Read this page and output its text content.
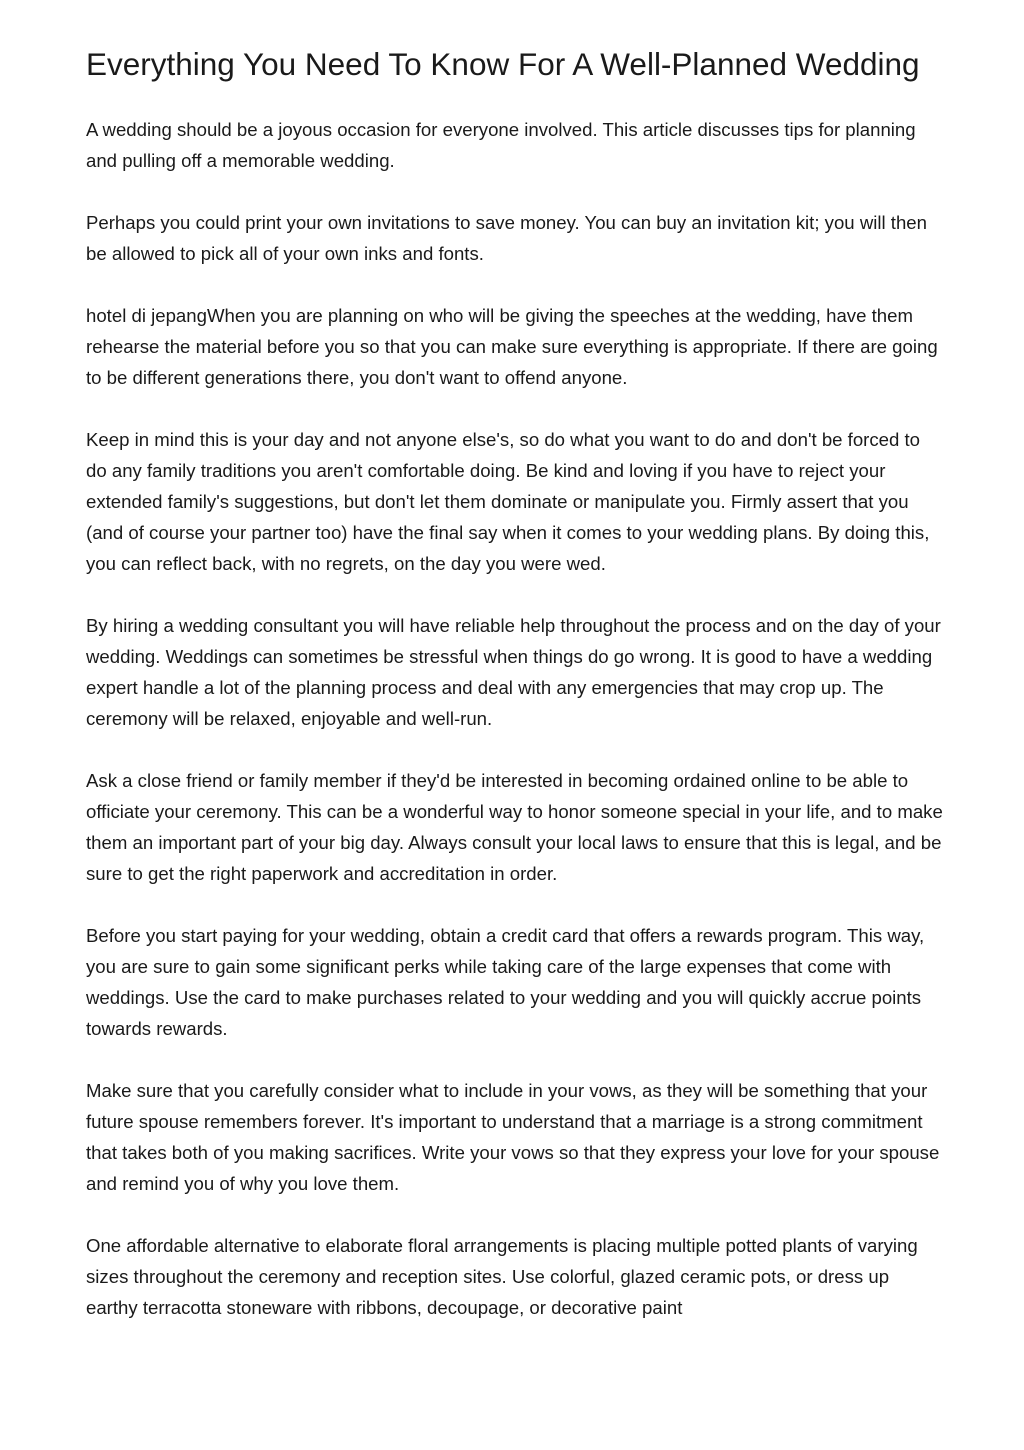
Everything You Need To Know For A Well-Planned Wedding

A wedding should be a joyous occasion for everyone involved. This article discusses tips for planning and pulling off a memorable wedding.

Perhaps you could print your own invitations to save money. You can buy an invitation kit; you will then be allowed to pick all of your own inks and fonts.

hotel di jepangWhen you are planning on who will be giving the speeches at the wedding, have them rehearse the material before you so that you can make sure everything is appropriate. If there are going to be different generations there, you don't want to offend anyone.

Keep in mind this is your day and not anyone else's, so do what you want to do and don't be forced to do any family traditions you aren't comfortable doing. Be kind and loving if you have to reject your extended family's suggestions, but don't let them dominate or manipulate you. Firmly assert that you (and of course your partner too) have the final say when it comes to your wedding plans. By doing this, you can reflect back, with no regrets, on the day you were wed.

By hiring a wedding consultant you will have reliable help throughout the process and on the day of your wedding. Weddings can sometimes be stressful when things do go wrong. It is good to have a wedding expert handle a lot of the planning process and deal with any emergencies that may crop up. The ceremony will be relaxed, enjoyable and well-run.

Ask a close friend or family member if they'd be interested in becoming ordained online to be able to officiate your ceremony. This can be a wonderful way to honor someone special in your life, and to make them an important part of your big day. Always consult your local laws to ensure that this is legal, and be sure to get the right paperwork and accreditation in order.

Before you start paying for your wedding, obtain a credit card that offers a rewards program. This way, you are sure to gain some significant perks while taking care of the large expenses that come with weddings. Use the card to make purchases related to your wedding and you will quickly accrue points towards rewards.

Make sure that you carefully consider what to include in your vows, as they will be something that your future spouse remembers forever. It's important to understand that a marriage is a strong commitment that takes both of you making sacrifices. Write your vows so that they express your love for your spouse and remind you of why you love them.

One affordable alternative to elaborate floral arrangements is placing multiple potted plants of varying sizes throughout the ceremony and reception sites. Use colorful, glazed ceramic pots, or dress up earthy terracotta stoneware with ribbons, decoupage, or decorative paint
